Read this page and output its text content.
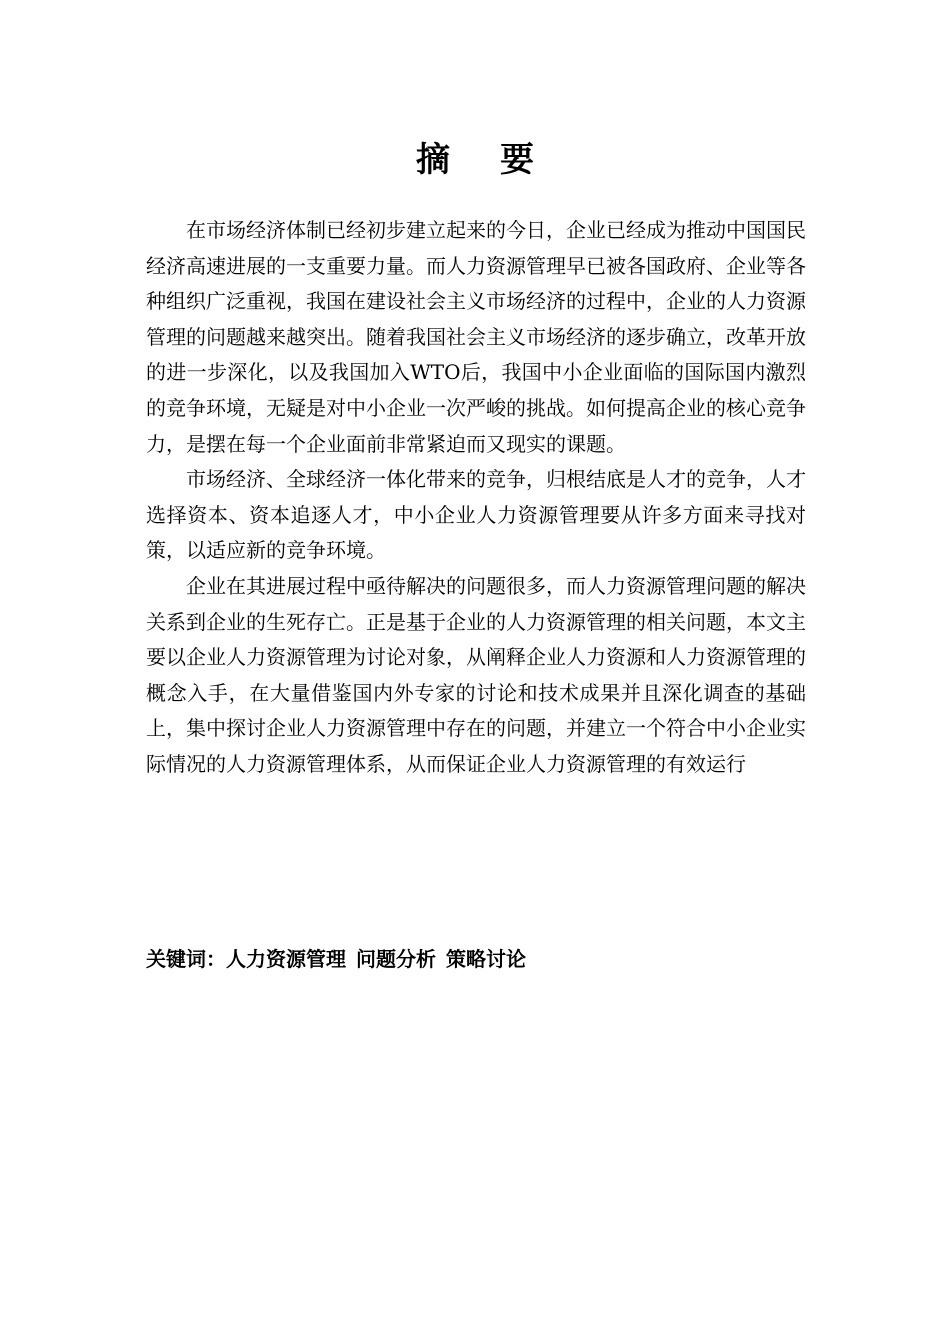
摘 要

在市场经济体制已经初步建立起来的今日，企业已经成为推动中国国民经济高速进展的一支重要力量。而人力资源管理早已被各国政府、企业等各种组织广泛重视，我国在建设社会主义市场经济的过程中，企业的人力资源管理的问题越来越突出。随着我国社会主义市场经济的逐步确立，改革开放的进一步深化，以及我国加入WTO后，我国中小企业面临的国际国内激烈的竞争环境，无疑是对中小企业一次严峻的挑战。如何提高企业的核心竞争力，是摆在每一个企业面前非常紧迫而又现实的课题。

市场经济、全球经济一体化带来的竞争，归根结底是人才的竞争，人才选择资本、资本追逐人才，中小企业人力资源管理要从许多方面来寻找对策，以适应新的竞争环境。

企业在其进展过程中亟待解决的问题很多，而人力资源管理问题的解决关系到企业的生死存亡。正是基于企业的人力资源管理的相关问题，本文主要以企业人力资源管理为讨论对象，从阐释企业人力资源和人力资源管理的概念入手，在大量借鉴国内外专家的讨论和技术成果并且深化调查的基础上，集中探讨企业人力资源管理中存在的问题，并建立一个符合中小企业实际情况的人力资源管理体系，从而保证企业人力资源管理的有效运行

关键词：人力资源管理 问题分析 策略讨论
